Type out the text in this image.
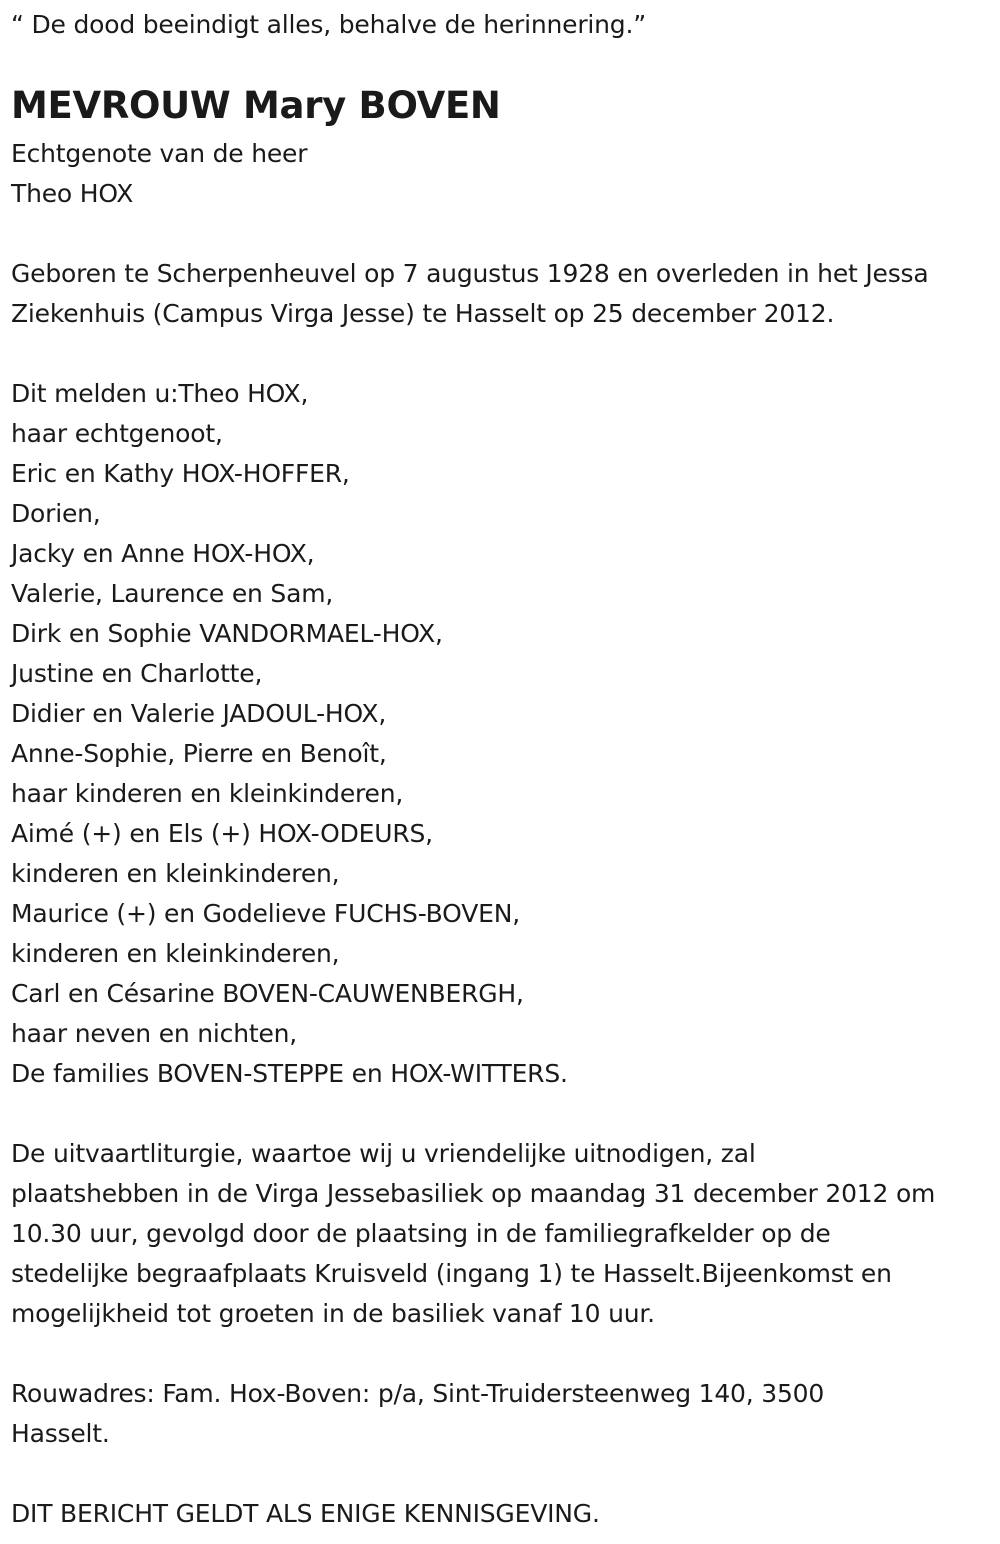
“ De dood beeindigt alles, behalve de herinnering.”
MEVROUW Mary BOVEN
Echtgenote van de heer
Theo HOX
Geboren te Scherpenheuvel op 7 augustus 1928 en overleden in het Jessa
Ziekenhuis (Campus Virga Jesse) te Hasselt op 25 december 2012.
Dit melden u:Theo HOX,
haar echtgenoot,
Eric en Kathy HOX-HOFFER,
Dorien,
Jacky en Anne HOX-HOX,
Valerie, Laurence en Sam,
Dirk en Sophie VANDORMAEL-HOX,
Justine en Charlotte,
Didier en Valerie JADOUL-HOX,
Anne-Sophie, Pierre en Benoît,
haar kinderen en kleinkinderen,
Aimé (+) en Els (+) HOX-ODEURS,
kinderen en kleinkinderen,
Maurice (+) en Godelieve FUCHS-BOVEN,
kinderen en kleinkinderen,
Carl en Césarine BOVEN-CAUWENBERGH,
haar neven en nichten,
De families BOVEN-STEPPE en HOX-WITTERS.
De uitvaartliturgie, waartoe wij u vriendelijke uitnodigen, zal
plaatshebben in de Virga Jessebasiliek op maandag 31 december 2012 om
10.30 uur, gevolgd door de plaatsing in de familiegrafkelder op de
stedelijke begraafplaats Kruisveld (ingang 1) te Hasselt.Bijeenkomst en
mogelijkheid tot groeten in de basiliek vanaf 10 uur.
Rouwadres: Fam. Hox-Boven: p/a, Sint-Truidersteenweg 140, 3500
Hasselt.
DIT BERICHT GELDT ALS ENIGE KENNISGEVING.
